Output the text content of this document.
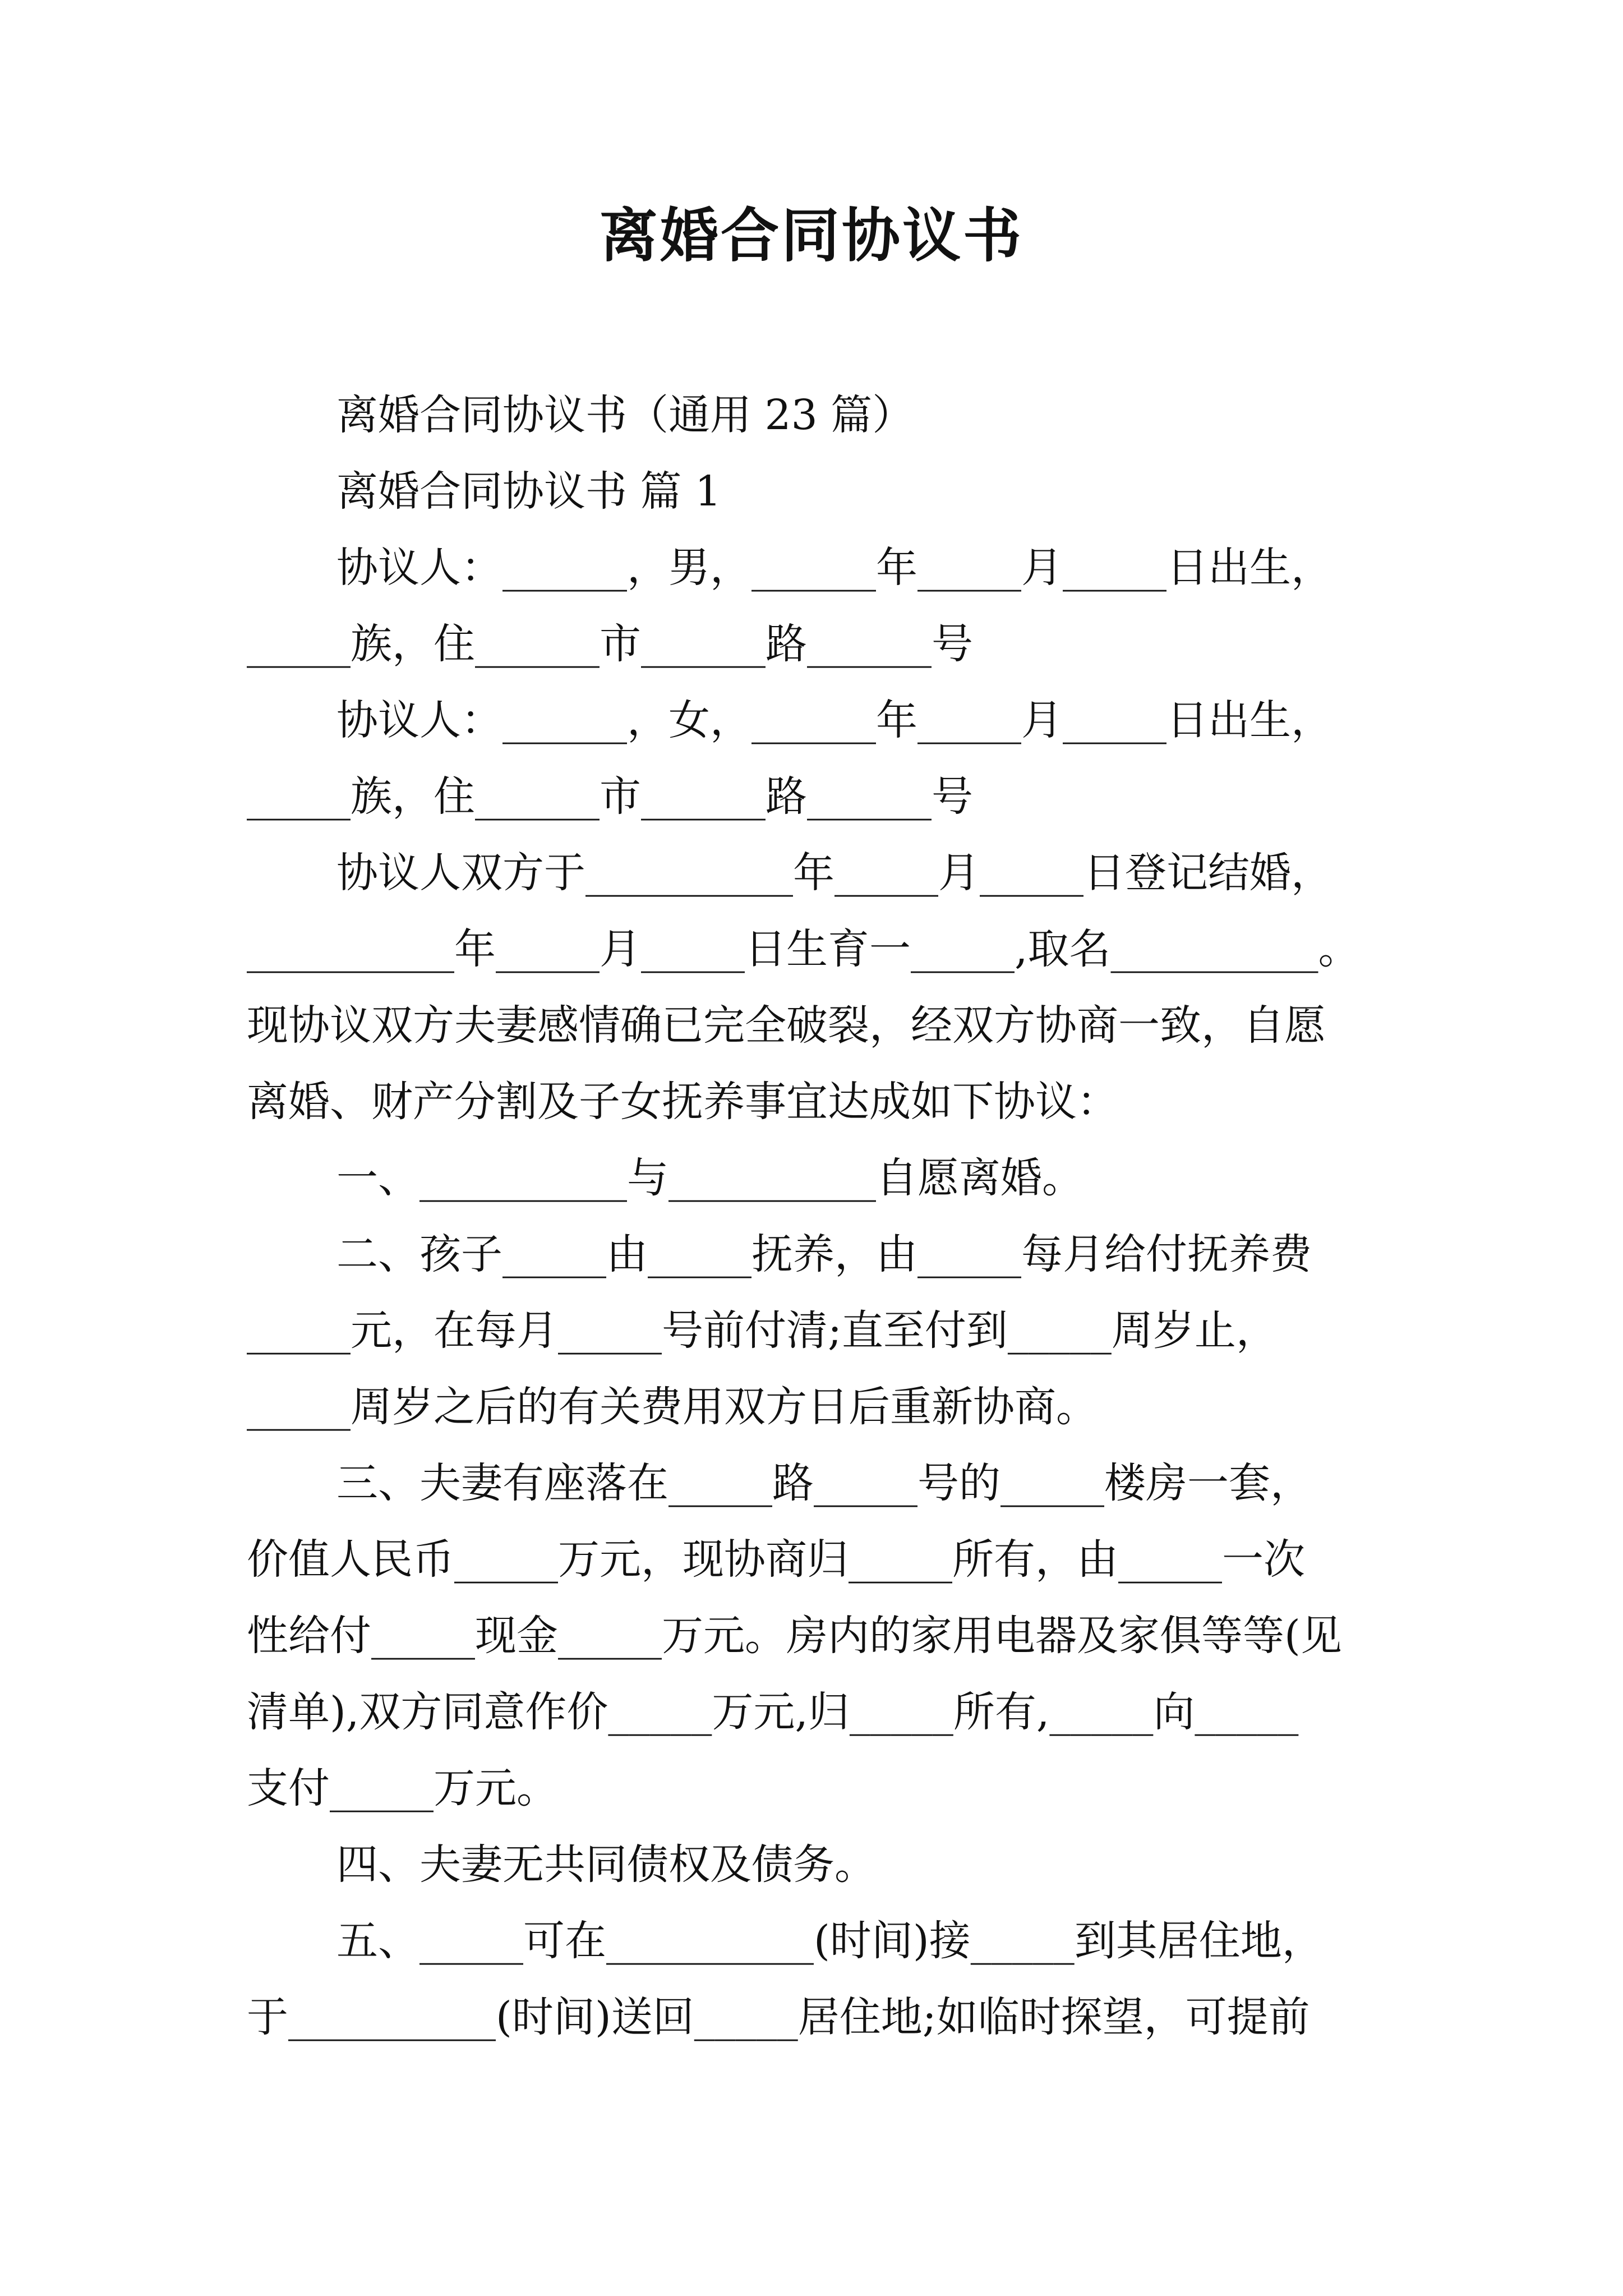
离婚合同协议书
离婚合同协议书（通用 23 篇）
离婚合同协议书 篇 1
协议人：______，男，______年_____月_____日出生，
_____族，住______市______路______号
协议人：______，女，______年_____月_____日出生，
_____族，住______市______路______号
协议人双方于__________年_____月_____日登记结婚，
__________年_____月_____日生育一_____,取名__________。
现协议双方夫妻感情确已完全破裂，经双方协商一致，自愿
离婚、财产分割及子女抚养事宜达成如下协议：
一、__________与__________自愿离婚。
二、孩子_____由_____抚养，由_____每月给付抚养费
_____元，在每月_____号前付清;直至付到_____周岁止，
_____周岁之后的有关费用双方日后重新协商。
三、夫妻有座落在_____路_____号的_____楼房一套，
价值人民币_____万元，现协商归_____所有，由_____一次
性给付_____现金_____万元。房内的家用电器及家俱等等(见
清单),双方同意作价_____万元,归_____所有,_____向_____
支付_____万元。
四、夫妻无共同债权及债务。
五、_____可在__________(时间)接_____到其居住地，
于__________(时间)送回_____居住地;如临时探望，可提前
